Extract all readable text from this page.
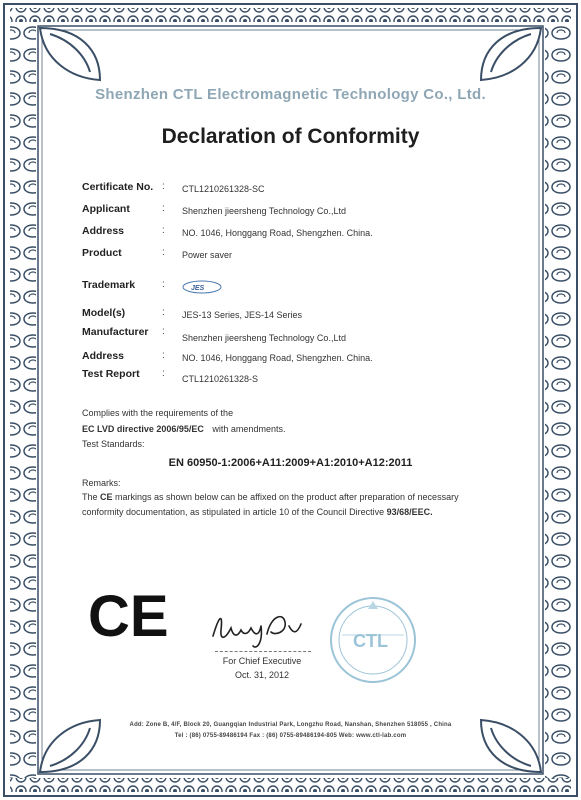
Shenzhen CTL Electromagnetic Technology Co., Ltd.
Declaration of Conformity
Certificate No. : CTL1210261328-SC
Applicant	: Shenzhen jieersheng Technology Co.,Ltd
Address	: NO. 1046, Honggang Road, Shengzhen. China.
Product	: Power saver
Trademark	:	JES
Model(s)	: JES-13 Series, JES-14 Series
Manufacturer :
Shenzhen jieersheng Technology Co.,Ltd
Address	: NO. 1046, Honggang Road, Shengzhen. China.
Test Report : CTL1210261328-S
Complies with the requirements of the
EC LVD directive 2006/95/EC with amendments.
Test Standards:
EN 60950-1:2006+A11:2009+A1:2010+A12:2011
Remarks:
The CE markings as shown below can be affixed on the product after preparation of necessary
conformity documentation, as stipulated in article 10 of the Council Directive 93/68/EEC.
CE
For Chief Executive
Oct. 31, 2012
CTL
Add: Zone B, 4/F, Block 20, Guangqian Industrial Park, Longzhu Road, Nanshan, Shenzhen 518055 , China
Tel : (86) 0755-89486194 Fax : (86) 0755-89486194-805 Web: www.ctl-lab.com
